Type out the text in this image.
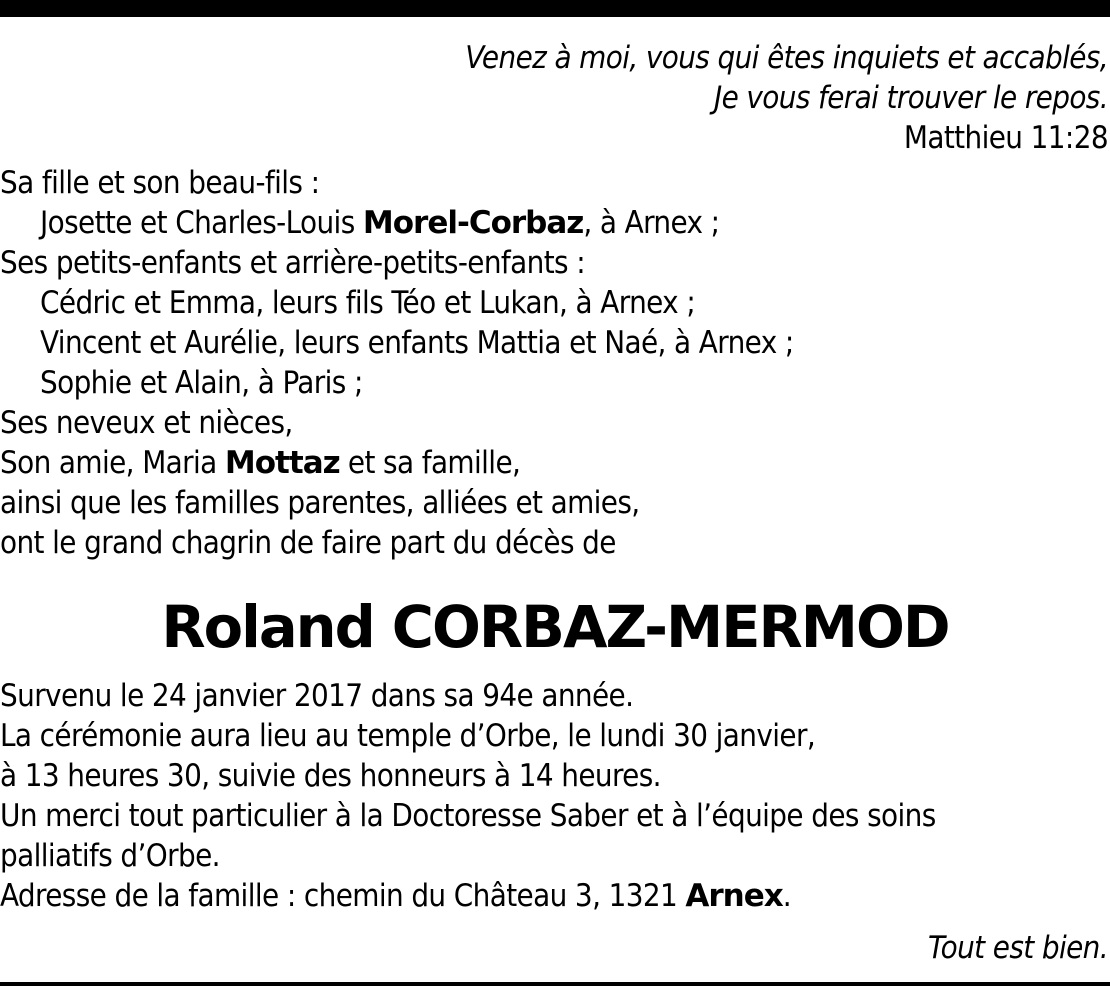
Venez à moi, vous qui êtes inquiets et accablés,
Je vous ferai trouver le repos.
Matthieu 11:28
Sa fille et son beau-fils :
Josette et Charles-Louis Morel-Corbaz, à Arnex ;
Ses petits-enfants et arrière-petits-enfants :
Cédric et Emma, leurs fils Téo et Lukan, à Arnex ;
Vincent et Aurélie, leurs enfants Mattia et Naé, à Arnex ;
Sophie et Alain, à Paris ;
Ses neveux et nièces,
Son amie, Maria Mottaz et sa famille,
ainsi que les familles parentes, alliées et amies,
ont le grand chagrin de faire part du décès de
Roland CORBAZ-MERMOD
Survenu le 24 janvier 2017 dans sa 94e année.
La cérémonie aura lieu au temple d’Orbe, le lundi 30 janvier,
à 13 heures 30, suivie des honneurs à 14 heures.
Un merci tout particulier à la Doctoresse Saber et à l’équipe des soins
palliatifs d’Orbe.
Adresse de la famille : chemin du Château 3, 1321 Arnex.
Tout est bien.
